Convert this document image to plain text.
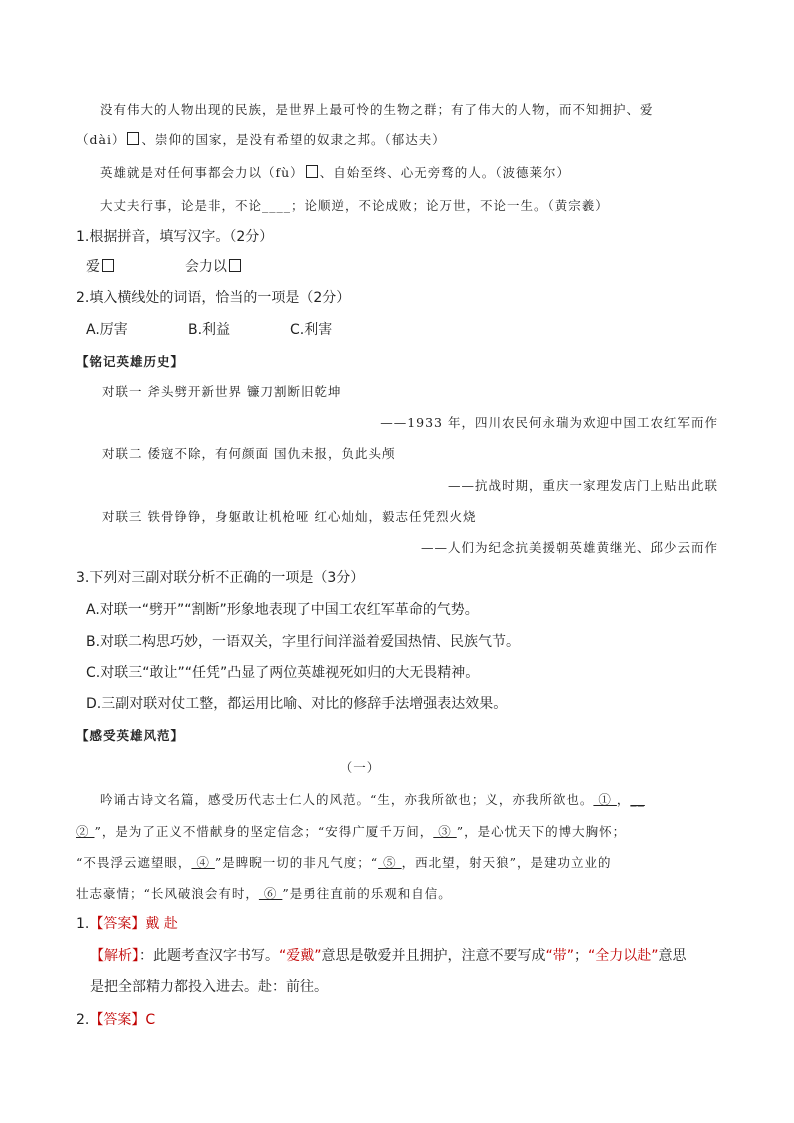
没有伟大的人物出现的民族，是世界上最可怜的生物之群；有了伟大的人物，而不知拥护、爱
（dài） 、崇仰的国家，是没有希望的奴隶之邦。（郁达夫）
英雄就是对任何事都会力以（fù） 、自始至终、心无旁骛的人。（波德莱尔）
大丈夫行事，论是非，不论____；论顺逆，不论成败；论万世，不论一生。（黄宗羲）
1.根据拼音，填写汉字。（2分）
爱	会力以
2.填入横线处的词语，恰当的一项是（2分）
A.厉害	B.利益	C.利害
【铭记英雄历史】
对联一 斧头劈开新世界 镰刀割断旧乾坤
——1933 年，四川农民何永瑞为欢迎中国工农红军而作
对联二 倭寇不除，有何颜面 国仇未报，负此头颅
——抗战时期，重庆一家理发店门上贴出此联
对联三 铁骨铮铮，身躯敢让机枪哑 红心灿灿，毅志任凭烈火烧
——人们为纪念抗美援朝英雄黄继光、邱少云而作
3.下列对三副对联分析不正确的一项是（3分）
A.对联一“劈开”“割断”形象地表现了中国工农红军革命的气势。
B.对联二构思巧妙，一语双关，字里行间洋溢着爱国热情、民族气节。
C.对联三“敢让”“任凭”凸显了两位英雄视死如归的大无畏精神。
D.三副对联对仗工整，都运用比喻、对比的修辞手法增强表达效果。
【感受英雄风范】
（一）
吟诵古诗文名篇，感受历代志士仁人的风范。“生，亦我所欲也；义，亦我所欲也。 ① ，__
② ”，是为了正义不惜献身的坚定信念；“安得广厦千万间， ③ ”，是心忧天下的博大胸怀；
“不畏浮云遮望眼， ④ ”是睥睨一切的非凡气度；“ ⑤ ，西北望，射天狼”，是建功立业的
壮志豪情；“长风破浪会有时， ⑥ ”是勇往直前的乐观和自信。
1.【答案】戴 赴
【解析】：此题考查汉字书写。“爱戴”意思是敬爱并且拥护，注意不要写成“带”；“全力以赴”意思
是把全部精力都投入进去。赴：前往。
2.【答案】C
